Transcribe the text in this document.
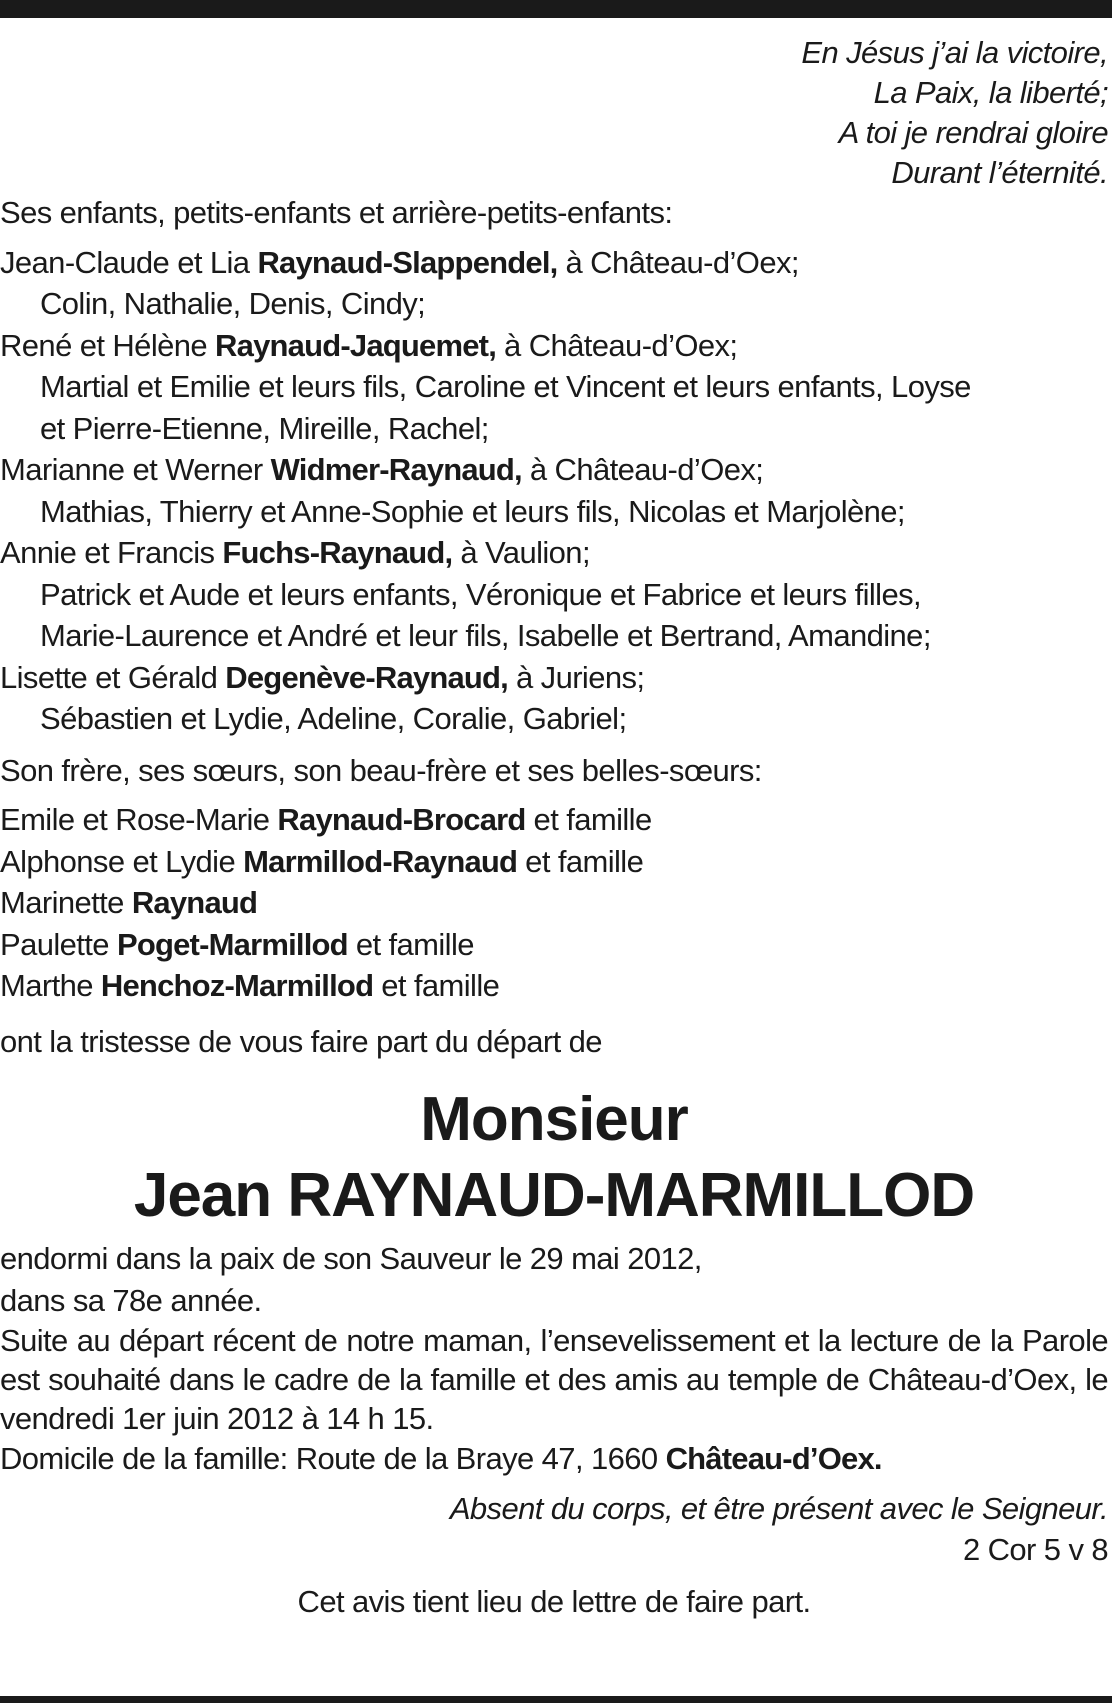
En Jésus j’ai la victoire,
La Paix, la liberté;
A toi je rendrai gloire
Durant l’éternité.
Ses enfants, petits-enfants et arrière-petits-enfants:
Jean-Claude et Lia Raynaud-Slappendel, à Château-d’Oex;
Colin, Nathalie, Denis, Cindy;
René et Hélène Raynaud-Jaquemet, à Château-d’Oex;
Martial et Emilie et leurs fils, Caroline et Vincent et leurs enfants, Loyse
et Pierre-Etienne, Mireille, Rachel;
Marianne et Werner Widmer-Raynaud, à Château-d’Oex;
Mathias, Thierry et Anne-Sophie et leurs fils, Nicolas et Marjolène;
Annie et Francis Fuchs-Raynaud, à Vaulion;
Patrick et Aude et leurs enfants, Véronique et Fabrice et leurs filles,
Marie-Laurence et André et leur fils, Isabelle et Bertrand, Amandine;
Lisette et Gérald Degenève-Raynaud, à Juriens;
Sébastien et Lydie, Adeline, Coralie, Gabriel;
Son frère, ses sœurs, son beau-frère et ses belles-sœurs:
Emile et Rose-Marie Raynaud-Brocard et famille
Alphonse et Lydie Marmillod-Raynaud et famille
Marinette Raynaud
Paulette Poget-Marmillod et famille
Marthe Henchoz-Marmillod et famille
ont la tristesse de vous faire part du départ de
Monsieur
Jean RAYNAUD-MARMILLOD
endormi dans la paix de son Sauveur le 29 mai 2012,
dans sa 78e année.
Suite au départ récent de notre maman, l’ensevelissement et la lecture de la Parole est souhaité dans le cadre de la famille et des amis au temple de Château-d’Oex, le vendredi 1er juin 2012 à 14 h 15.
Domicile de la famille: Route de la Braye 47, 1660 Château-d’Oex.
Absent du corps, et être présent avec le Seigneur.
2 Cor 5 v 8
Cet avis tient lieu de lettre de faire part.
